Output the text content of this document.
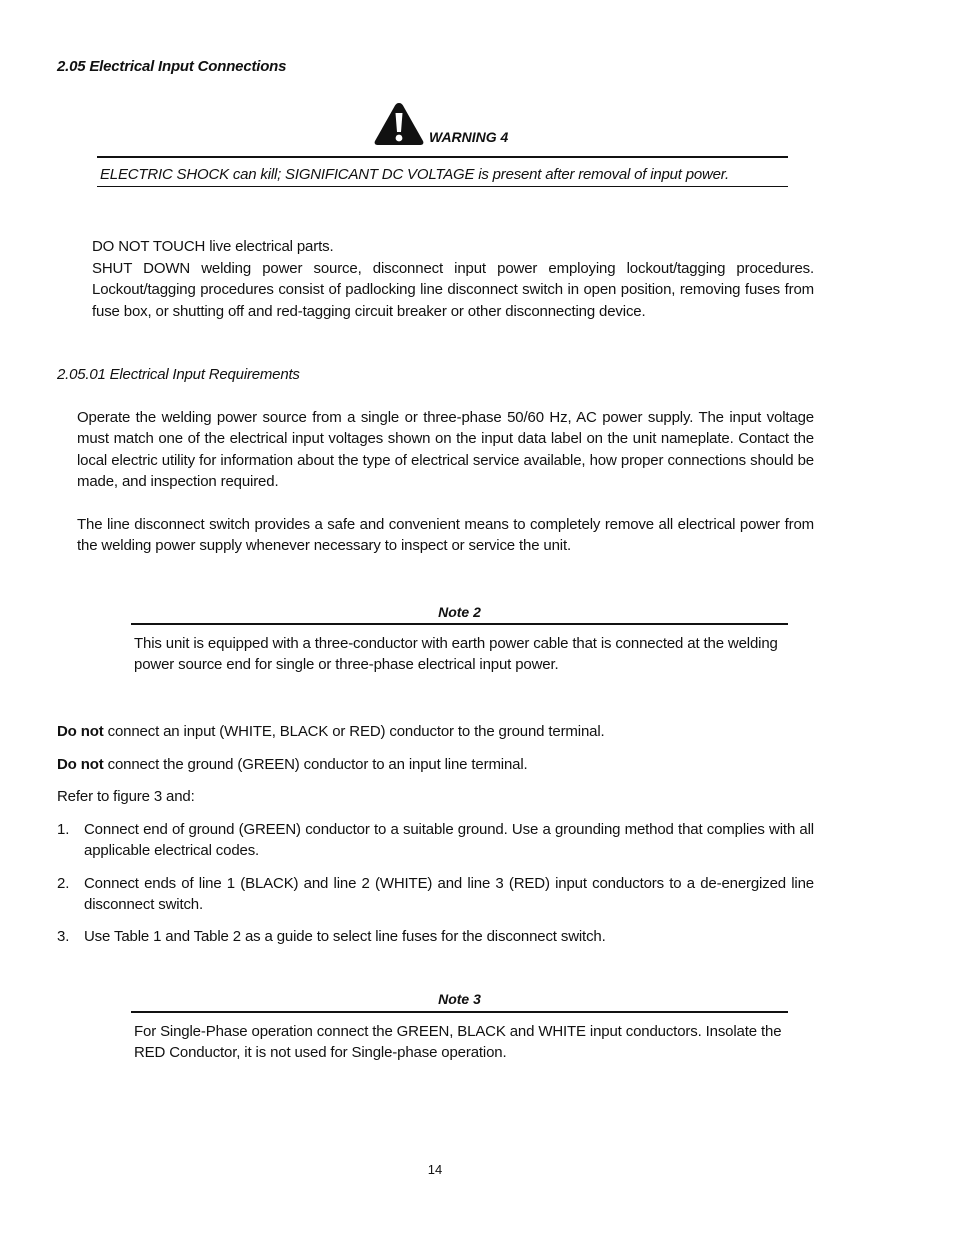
2.05 Electrical Input Connections
WARNING 4
ELECTRIC SHOCK can kill; SIGNIFICANT DC VOLTAGE is present after removal of input power.
DO NOT TOUCH live electrical parts.
SHUT DOWN welding power source, disconnect input power employing lockout/tagging procedures. Lockout/tagging procedures consist of padlocking line disconnect switch in open position, removing fuses from fuse box, or shutting off and red-tagging circuit breaker or other disconnecting device.
2.05.01 Electrical Input Requirements
Operate the welding power source from a single or three-phase 50/60 Hz, AC power supply. The input voltage must match one of the electrical input voltages shown on the input data label on the unit nameplate. Contact the local electric utility for information about the type of electrical service available, how proper connections should be made, and inspection required.
The line disconnect switch provides a safe and convenient means to completely remove all electrical power from the welding power supply whenever necessary to inspect or service the unit.
Note 2
This unit is equipped with a three-conductor with earth power cable that is connected at the welding power source end for single or three-phase electrical input power.
Do not connect an input (WHITE, BLACK or RED) conductor to the ground terminal.
Do not connect the ground (GREEN) conductor to an input line terminal.
Refer to figure 3 and:
1. Connect end of ground (GREEN) conductor to a suitable ground. Use a grounding method that complies with all applicable electrical codes.
2. Connect ends of line 1 (BLACK) and line 2 (WHITE) and line 3 (RED) input conductors to a de-energized line disconnect switch.
3. Use Table 1 and Table 2 as a guide to select line fuses for the disconnect switch.
Note 3
For Single-Phase operation connect the GREEN, BLACK and WHITE input conductors. Insolate the RED Conductor, it is not used for Single-phase operation.
14
